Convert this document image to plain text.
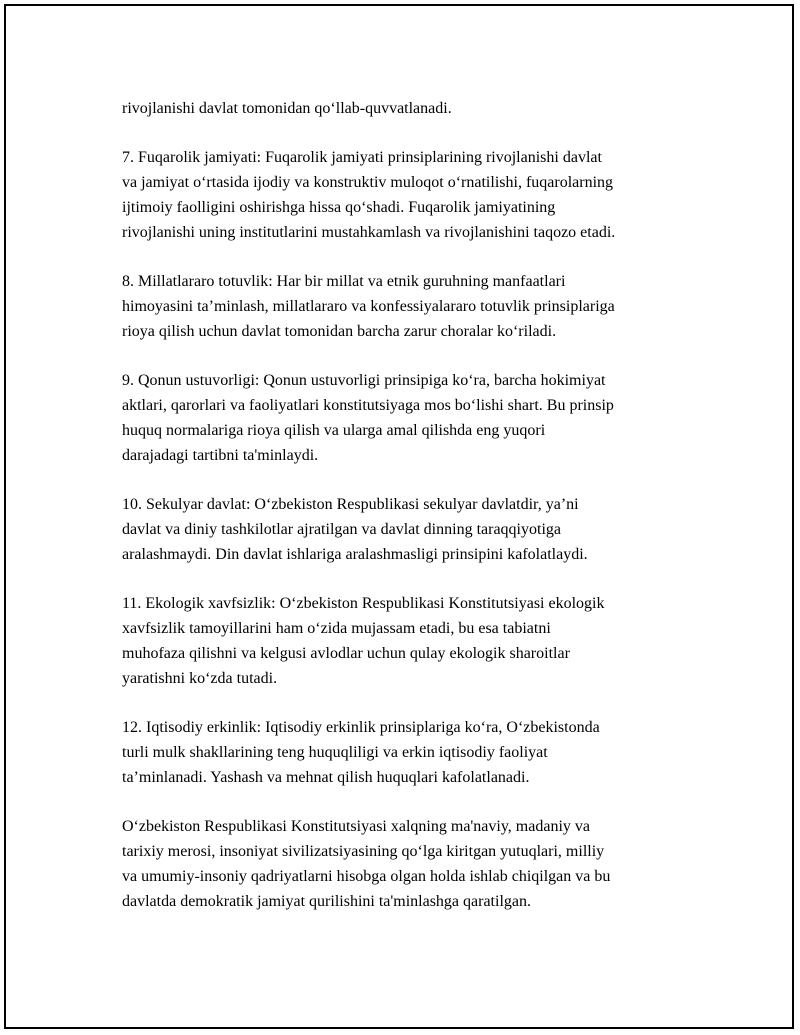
rivojlanishi davlat tomonidan qo‘llab-quvvatlanadi.

7. Fuqarolik jamiyati: Fuqarolik jamiyati prinsiplarining rivojlanishi davlat
va jamiyat o‘rtasida ijodiy va konstruktiv muloqot o‘rnatilishi, fuqarolarning
ijtimoiy faolligini oshirishga hissa qo‘shadi. Fuqarolik jamiyatining
rivojlanishi uning institutlarini mustahkamlash va rivojlanishini taqozo etadi.

8. Millatlararo totuvlik: Har bir millat va etnik guruhning manfaatlari
himoyasini ta’minlash, millatlararo va konfessiyalararo totuvlik prinsiplariga
rioya qilish uchun davlat tomonidan barcha zarur choralar ko‘riladi.

9. Qonun ustuvorligi: Qonun ustuvorligi prinsipiga ko‘ra, barcha hokimiyat
aktlari, qarorlari va faoliyatlari konstitutsiyaga mos bo‘lishi shart. Bu prinsip
huquq normalariga rioya qilish va ularga amal qilishda eng yuqori
darajadagi tartibni ta'minlaydi.

10. Sekulyar davlat: O‘zbekiston Respublikasi sekulyar davlatdir, ya’ni
davlat va diniy tashkilotlar ajratilgan va davlat dinning taraqqiyotiga
aralashmaydi. Din davlat ishlariga aralashmasligi prinsipini kafolatlaydi.

11. Ekologik xavfsizlik: O‘zbekiston Respublikasi Konstitutsiyasi ekologik
xavfsizlik tamoyillarini ham o‘zida mujassam etadi, bu esa tabiatni
muhofaza qilishni va kelgusi avlodlar uchun qulay ekologik sharoitlar
yaratishni ko‘zda tutadi.

12. Iqtisodiy erkinlik: Iqtisodiy erkinlik prinsiplariga ko‘ra, O‘zbekistonda
turli mulk shakllarining teng huquqliligi va erkin iqtisodiy faoliyat
ta’minlanadi. Yashash va mehnat qilish huquqlari kafolatlanadi.

O‘zbekiston Respublikasi Konstitutsiyasi xalqning ma'naviy, madaniy va
tarixiy merosi, insoniyat sivilizatsiyasining qo‘lga kiritgan yutuqlari, milliy
va umumiy-insoniy qadriyatlarni hisobga olgan holda ishlab chiqilgan va bu
davlatda demokratik jamiyat qurilishini ta'minlashga qaratilgan.
